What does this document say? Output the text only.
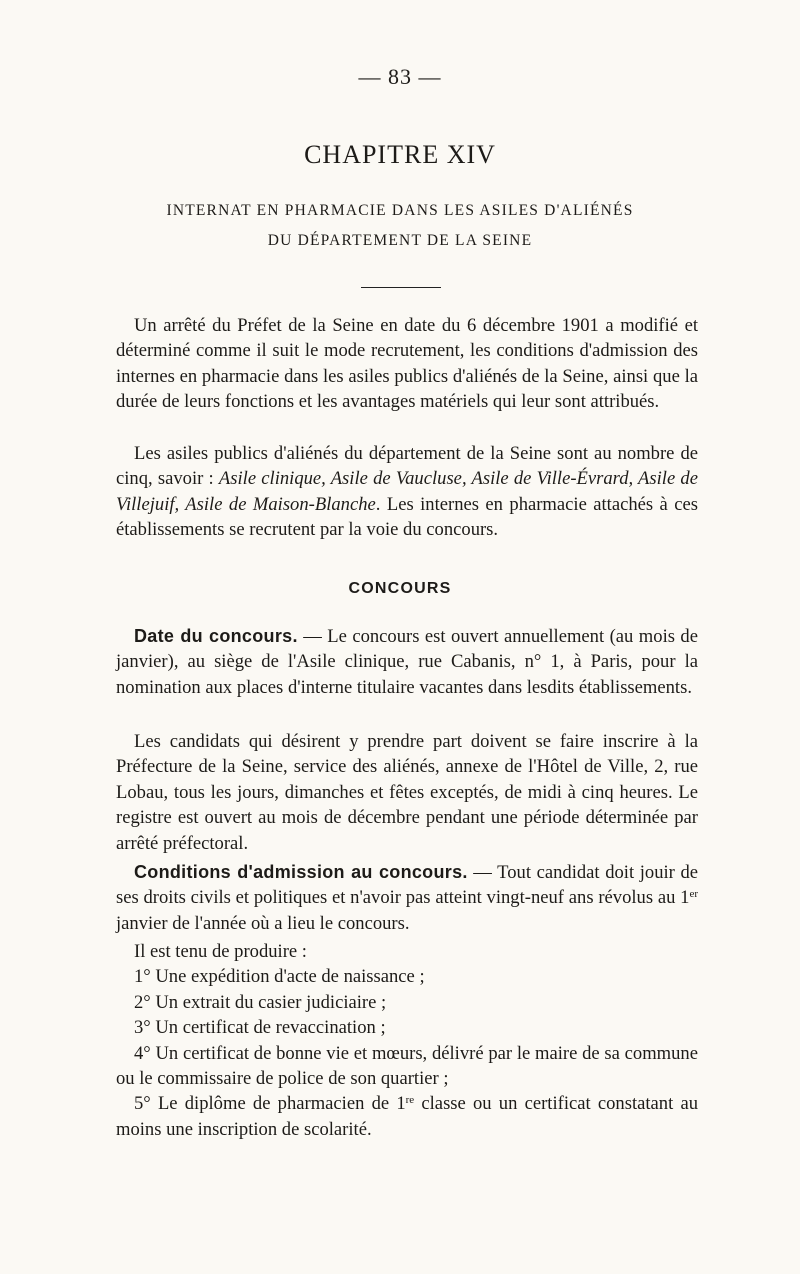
— 83 —
CHAPITRE XIV
INTERNAT EN PHARMACIE DANS LES ASILES D'ALIÉNÉS
DU DÉPARTEMENT DE LA SEINE

Un arrêté du Préfet de la Seine en date du 6 décembre 1901 a modifié et déterminé comme il suit le mode recrutement, les conditions d'admission des internes en pharmacie dans les asiles publics d'aliénés de la Seine, ainsi que la durée de leurs fonctions et les avantages matériels qui leur sont attribués.

Les asiles publics d'aliénés du département de la Seine sont au nombre de cinq, savoir : Asile clinique, Asile de Vaucluse, Asile de Ville-Évrard, Asile de Villejuif, Asile de Maison-Blanche. Les internes en pharmacie attachés à ces établissements se recrutent par la voie du concours.

CONCOURS

Date du concours. — Le concours est ouvert annuellement (au mois de janvier), au siège de l'Asile clinique, rue Cabanis, n° 1, à Paris, pour la nomination aux places d'interne titulaire vacantes dans lesdits établissements.

Les candidats qui désirent y prendre part doivent se faire inscrire à la Préfecture de la Seine, service des aliénés, annexe de l'Hôtel de Ville, 2, rue Lobau, tous les jours, dimanches et fêtes exceptés, de midi à cinq heures. Le registre est ouvert au mois de décembre pendant une période déterminée par arrêté préfectoral.

Conditions d'admission au concours. — Tout candidat doit jouir de ses droits civils et politiques et n'avoir pas atteint vingt-neuf ans révolus au 1er janvier de l'année où a lieu le concours.

Il est tenu de produire :

1° Une expédition d'acte de naissance ;

2° Un extrait du casier judiciaire ;

3° Un certificat de revaccination ;

4° Un certificat de bonne vie et mœurs, délivré par le maire de sa commune ou le commissaire de police de son quartier ;

5° Le diplôme de pharmacien de 1re classe ou un certificat constatant au moins une inscription de scolarité.
